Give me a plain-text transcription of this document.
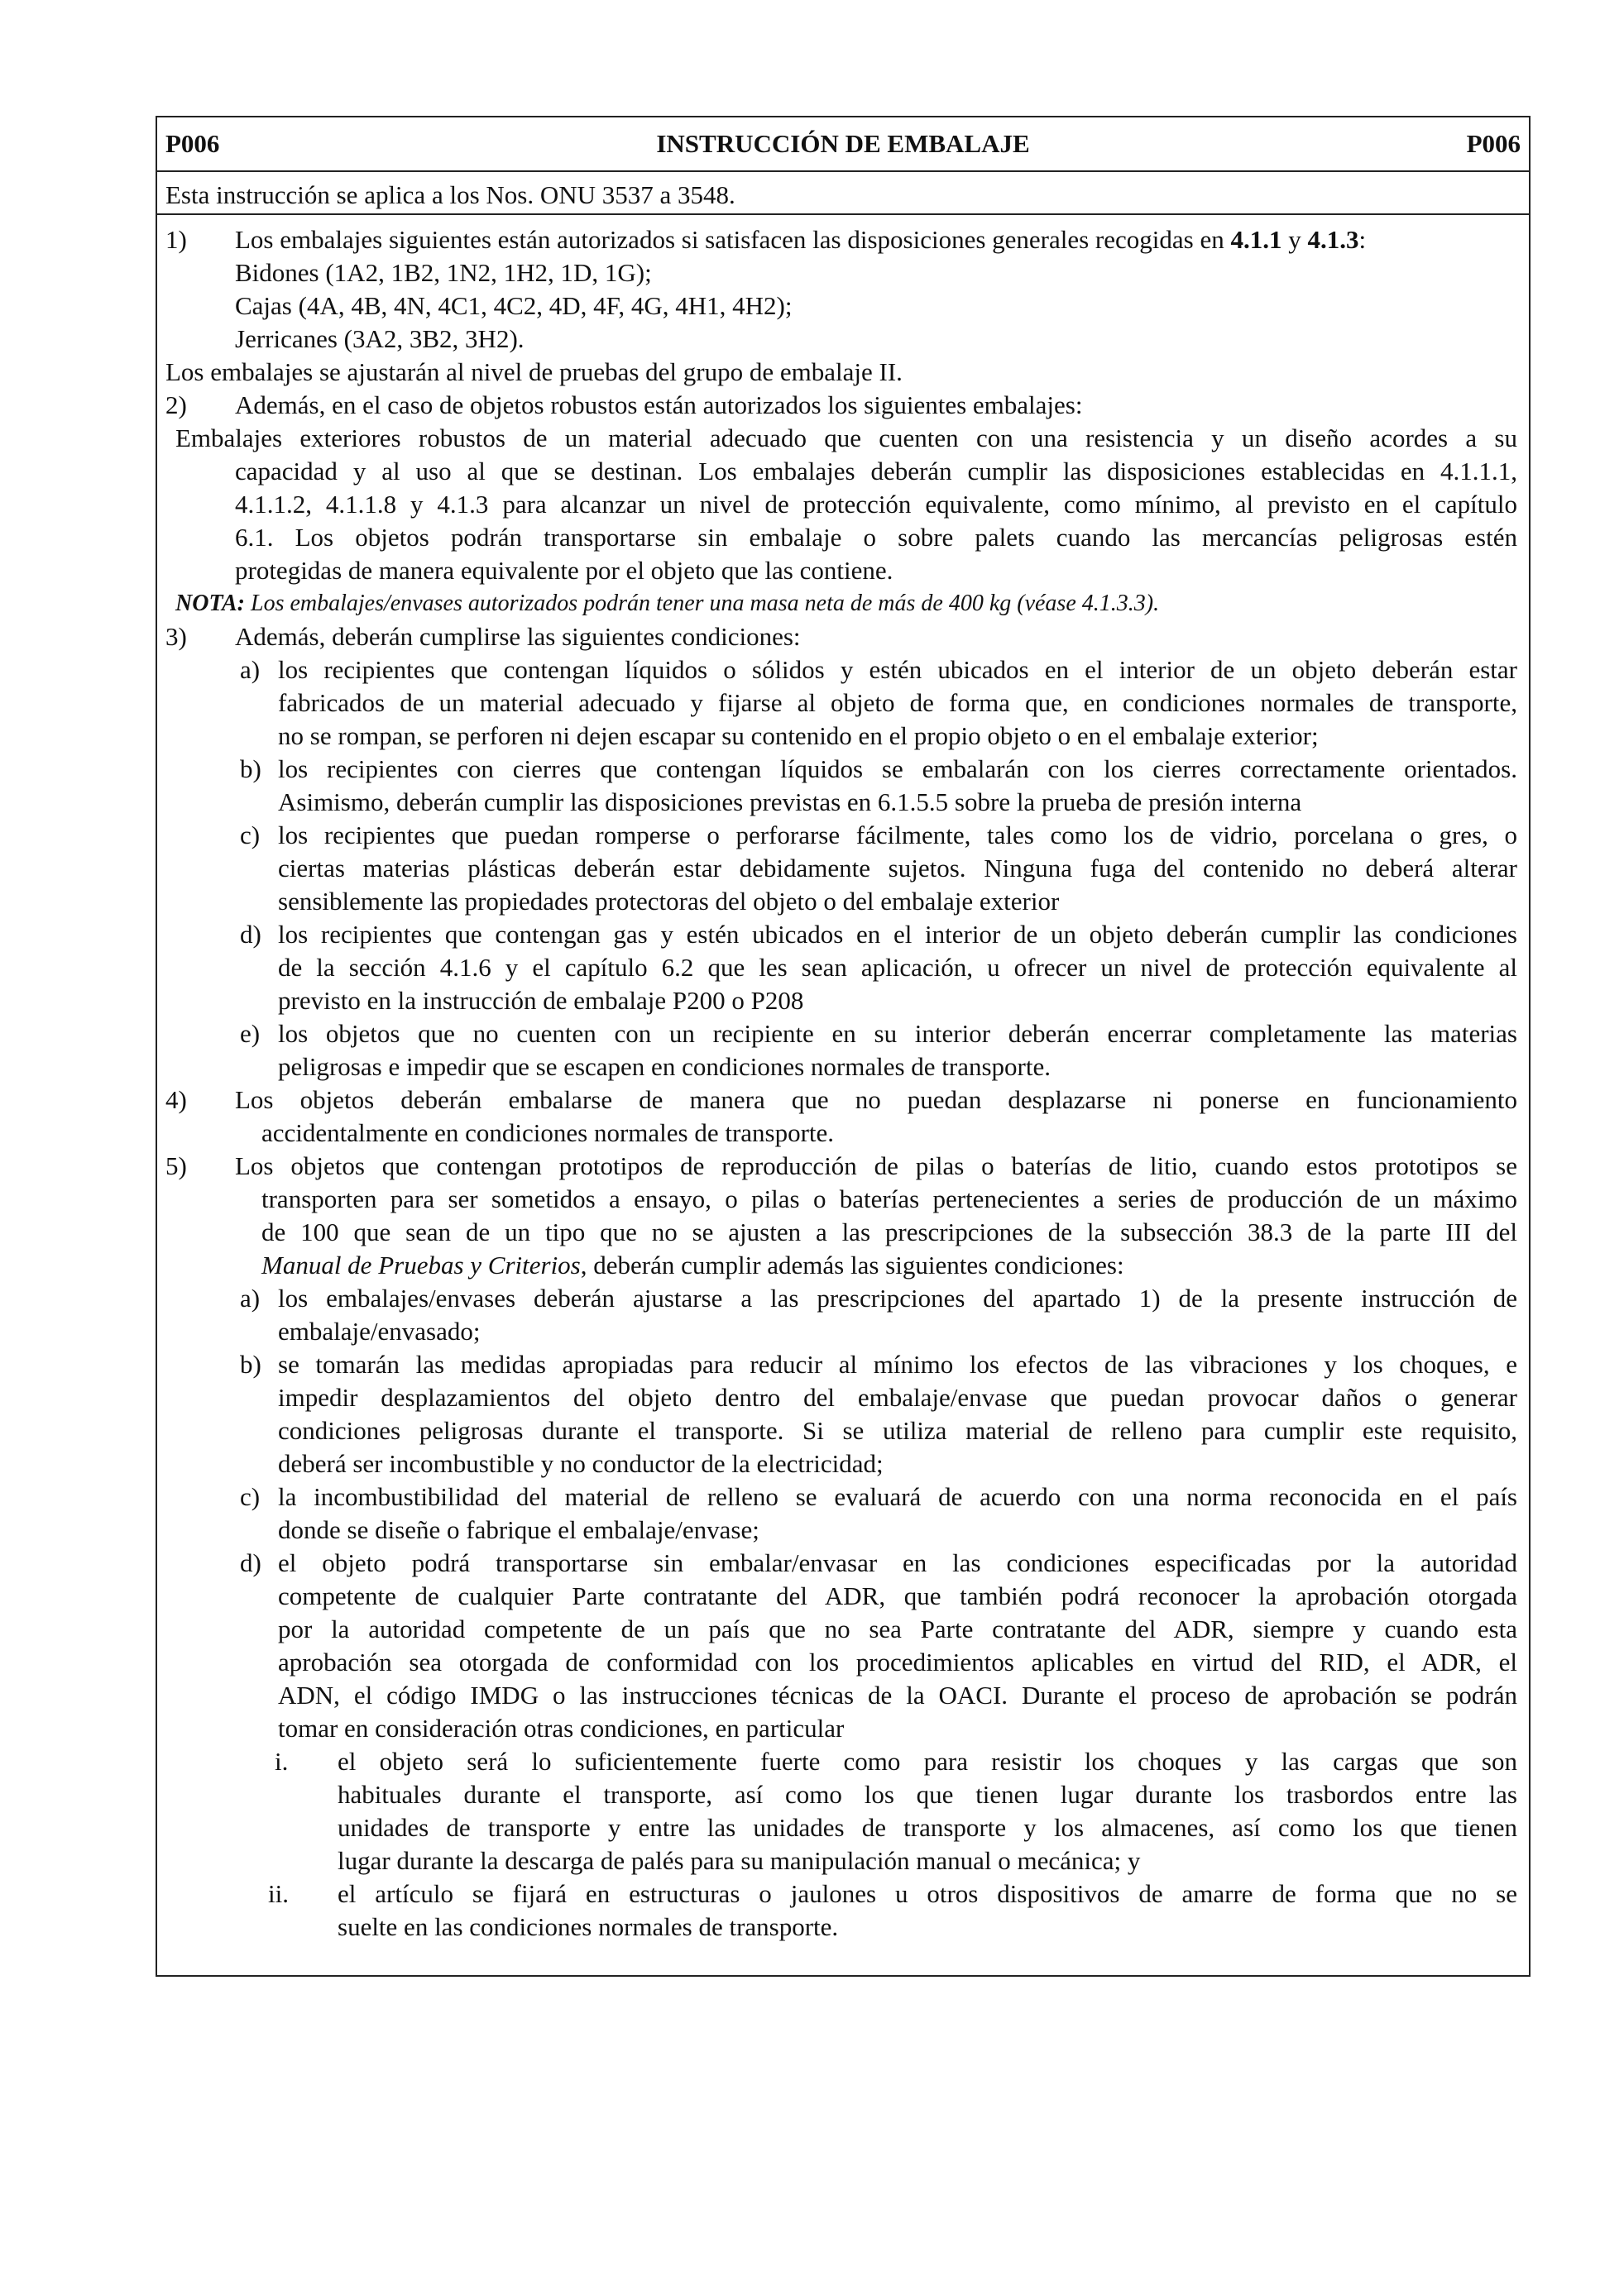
INSTRUCCIÓN DE EMBALAJE
P006	P006
Esta instrucción se aplica a los Nos. ONU 3537 a 3548.
1) Los embalajes siguientes están autorizados si satisfacen las disposiciones generales recogidas en 4.1.1 y 4.1.3:
Bidones (1A2, 1B2, 1N2, 1H2, 1D, 1G);
Cajas (4A, 4B, 4N, 4C1, 4C2, 4D, 4F, 4G, 4H1, 4H2);
Jerricanes (3A2, 3B2, 3H2).
Los embalajes se ajustarán al nivel de pruebas del grupo de embalaje II.
2) Además, en el caso de objetos robustos están autorizados los siguientes embalajes:
Embalajes exteriores robustos de un material adecuado que cuenten con una resistencia y un diseño acordes a su
capacidad y al uso al que se destinan. Los embalajes deberán cumplir las disposiciones establecidas en 4.1.1.1,
4.1.1.2, 4.1.1.8 y 4.1.3 para alcanzar un nivel de protección equivalente, como mínimo, al previsto en el capítulo
6.1. Los objetos podrán transportarse sin embalaje o sobre palets cuando las mercancías peligrosas estén
protegidas de manera equivalente por el objeto que las contiene.
NOTA: Los embalajes/envases autorizados podrán tener una masa neta de más de 400 kg (véase 4.1.3.3).
3) Además, deberán cumplirse las siguientes condiciones:
a) los recipientes que contengan líquidos o sólidos y estén ubicados en el interior de un objeto deberán estar
fabricados de un material adecuado y fijarse al objeto de forma que, en condiciones normales de transporte,
no se rompan, se perforen ni dejen escapar su contenido en el propio objeto o en el embalaje exterior;
b) los recipientes con cierres que contengan líquidos se embalarán con los cierres correctamente orientados.
Asimismo, deberán cumplir las disposiciones previstas en 6.1.5.5 sobre la prueba de presión interna
c) los recipientes que puedan romperse o perforarse fácilmente, tales como los de vidrio, porcelana o gres, o
ciertas materias plásticas deberán estar debidamente sujetos. Ninguna fuga del contenido no deberá alterar
sensiblemente las propiedades protectoras del objeto o del embalaje exterior
d) los recipientes que contengan gas y estén ubicados en el interior de un objeto deberán cumplir las condiciones
de la sección 4.1.6 y el capítulo 6.2 que les sean aplicación, u ofrecer un nivel de protección equivalente al
previsto en la instrucción de embalaje P200 o P208
e) los objetos que no cuenten con un recipiente en su interior deberán encerrar completamente las materias
peligrosas e impedir que se escapen en condiciones normales de transporte.
4) Los objetos deberán embalarse de manera que no puedan desplazarse ni ponerse en funcionamiento
accidentalmente en condiciones normales de transporte.
5) Los objetos que contengan prototipos de reproducción de pilas o baterías de litio, cuando estos prototipos se
transporten para ser sometidos a ensayo, o pilas o baterías pertenecientes a series de producción de un máximo
de 100 que sean de un tipo que no se ajusten a las prescripciones de la subsección 38.3 de la parte III del
Manual de Pruebas y Criterios, deberán cumplir además las siguientes condiciones:
a) los embalajes/envases deberán ajustarse a las prescripciones del apartado 1) de la presente instrucción de
embalaje/envasado;
b) se tomarán las medidas apropiadas para reducir al mínimo los efectos de las vibraciones y los choques, e
impedir desplazamientos del objeto dentro del embalaje/envase que puedan provocar daños o generar
condiciones peligrosas durante el transporte. Si se utiliza material de relleno para cumplir este requisito,
deberá ser incombustible y no conductor de la electricidad;
c) la incombustibilidad del material de relleno se evaluará de acuerdo con una norma reconocida en el país
donde se diseñe o fabrique el embalaje/envase;
d) el objeto podrá transportarse sin embalar/envasar en las condiciones especificadas por la autoridad
competente de cualquier Parte contratante del ADR, que también podrá reconocer la aprobación otorgada
por la autoridad competente de un país que no sea Parte contratante del ADR, siempre y cuando esta
aprobación sea otorgada de conformidad con los procedimientos aplicables en virtud del RID, el ADR, el
ADN, el código IMDG o las instrucciones técnicas de la OACI. Durante el proceso de aprobación se podrán
tomar en consideración otras condiciones, en particular
i. el objeto será lo suficientemente fuerte como para resistir los choques y las cargas que son
habituales durante el transporte, así como los que tienen lugar durante los trasbordos entre las
unidades de transporte y entre las unidades de transporte y los almacenes, así como los que tienen
lugar durante la descarga de palés para su manipulación manual o mecánica; y
ii. el artículo se fijará en estructuras o jaulones u otros dispositivos de amarre de forma que no se
suelte en las condiciones normales de transporte.
